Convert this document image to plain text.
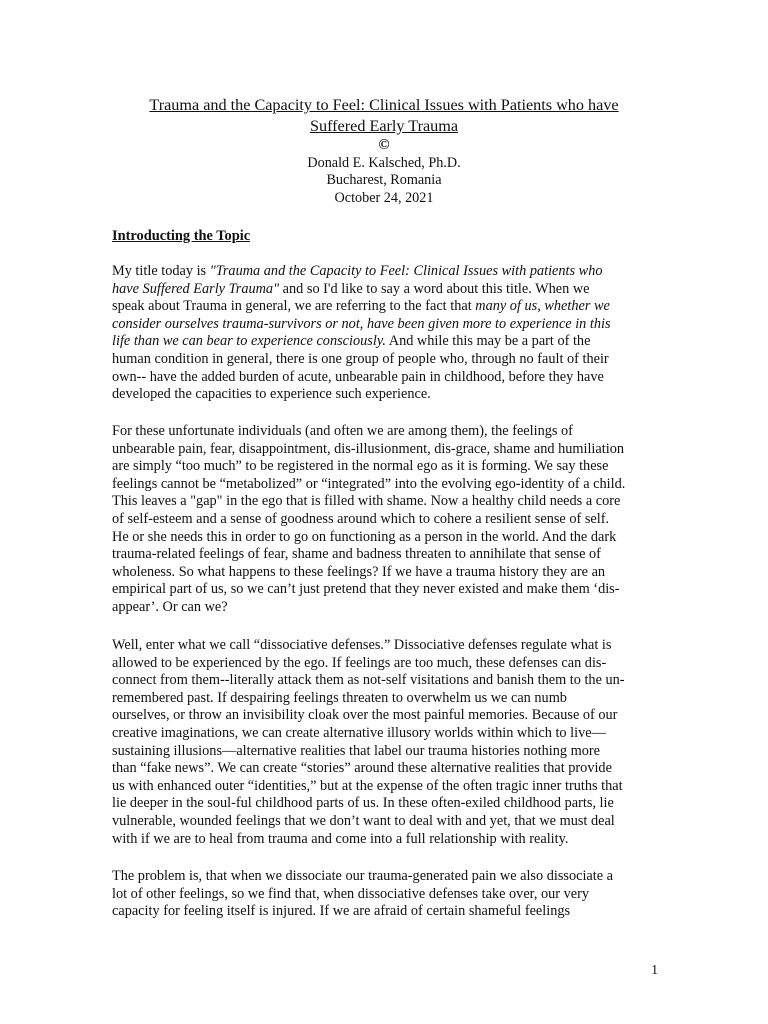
Trauma and the Capacity to Feel: Clinical Issues with Patients who have
Suffered Early Trauma
©
Donald E. Kalsched, Ph.D.
Bucharest, Romania
October 24, 2021
Introducting the Topic
My title today is "Trauma and the Capacity to Feel: Clinical Issues with patients who
have Suffered Early Trauma" and so I'd like to say a word about this title. When we
speak about Trauma in general, we are referring to the fact that many of us, whether we
consider ourselves trauma-survivors or not, have been given more to experience in this
life than we can bear to experience consciously. And while this may be a part of the
human condition in general, there is one group of people who, through no fault of their
own-- have the added burden of acute, unbearable pain in childhood, before they have
developed the capacities to experience such experience.
For these unfortunate individuals (and often we are among them), the feelings of
unbearable pain, fear, disappointment, dis-illusionment, dis-grace, shame and humiliation
are simply “too much” to be registered in the normal ego as it is forming. We say these
feelings cannot be “metabolized” or “integrated” into the evolving ego-identity of a child.
This leaves a "gap" in the ego that is filled with shame. Now a healthy child needs a core
of self-esteem and a sense of goodness around which to cohere a resilient sense of self.
He or she needs this in order to go on functioning as a person in the world. And the dark
trauma-related feelings of fear, shame and badness threaten to annihilate that sense of
wholeness. So what happens to these feelings? If we have a trauma history they are an
empirical part of us, so we can’t just pretend that they never existed and make them ‘dis-
appear’. Or can we?
Well, enter what we call “dissociative defenses.” Dissociative defenses regulate what is
allowed to be experienced by the ego. If feelings are too much, these defenses can dis-
connect from them--literally attack them as not-self visitations and banish them to the un-
remembered past. If despairing feelings threaten to overwhelm us we can numb
ourselves, or throw an invisibility cloak over the most painful memories. Because of our
creative imaginations, we can create alternative illusory worlds within which to live—
sustaining illusions—alternative realities that label our trauma histories nothing more
than “fake news”. We can create “stories” around these alternative realities that provide
us with enhanced outer “identities,” but at the expense of the often tragic inner truths that
lie deeper in the soul-ful childhood parts of us. In these often-exiled childhood parts, lie
vulnerable, wounded feelings that we don’t want to deal with and yet, that we must deal
with if we are to heal from trauma and come into a full relationship with reality.
The problem is, that when we dissociate our trauma-generated pain we also dissociate a
lot of other feelings, so we find that, when dissociative defenses take over, our very
capacity for feeling itself is injured. If we are afraid of certain shameful feelings
1
